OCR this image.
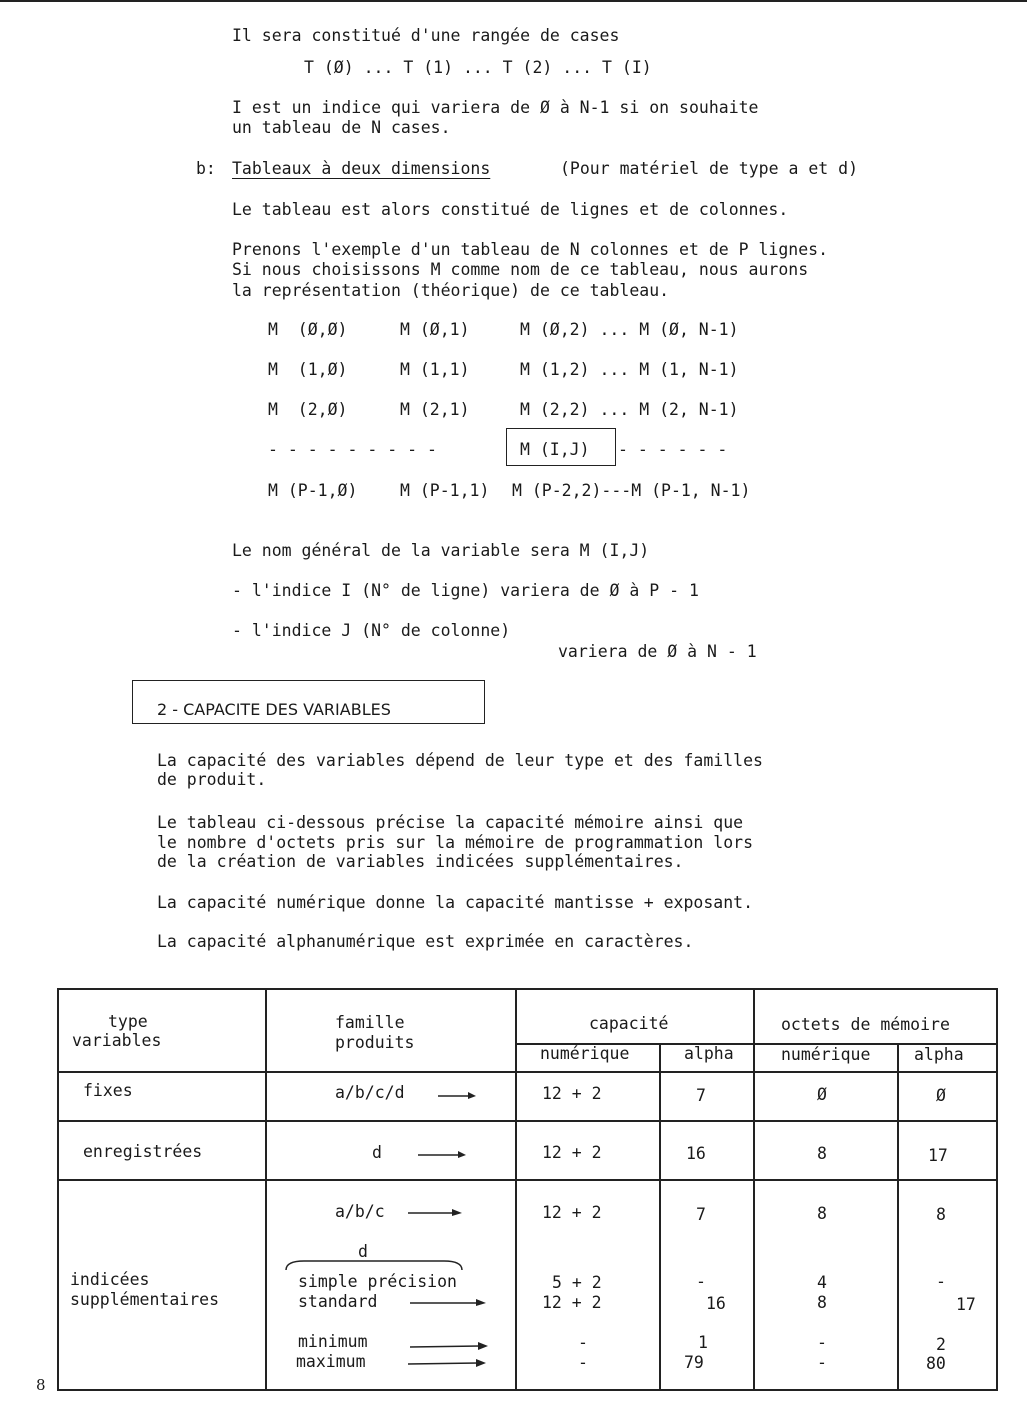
Il sera constitué d'une rangée de cases
T (Ø) ... T (1) ... T (2) ... T (I)
I est un indice qui variera de Ø à N-1 si on souhaite
un tableau de N cases.
b: Tableaux à deux dimensions	(Pour matériel de type a et d)
Le tableau est alors constitué de lignes et de colonnes.
Prenons l'exemple d'un tableau de N colonnes et de P lignes.
Si nous choisissons M comme nom de ce tableau, nous aurons
la représentation (théorique) de ce tableau.
M  (Ø,Ø)	M (Ø,1)	M (Ø,2) ... M (Ø, N-1)
M  (1,Ø)	M (1,1)	M (1,2) ... M (1, N-1)
M  (2,Ø)	M (2,1)	M (2,2) ... M (2, N-1)
- - - - - - - - -	M (I,J) - - - - - -
M (P-1,Ø)	M (P-1,1) M (P-2,2)---M (P-1, N-1)
Le nom général de la variable sera M (I,J)
- l'indice I (N° de ligne) variera de Ø à P - 1
- l'indice J (N° de colonne)
variera de Ø à N - 1
2 - CAPACITE DES VARIABLES
La capacité des variables dépend de leur type et des familles
de produit.
Le tableau ci-dessous précise la capacité mémoire ainsi que
le nombre d'octets pris sur la mémoire de programmation lors
de la création de variables indicées supplémentaires.
La capacité numérique donne la capacité mantisse + exposant.
La capacité alphanumérique est exprimée en caractères.
type
variables
famille
produits
capacité	octets de mémoire
numérique	alpha	numérique	alpha
fixes	a/b/c/d	12 + 2	7	Ø	Ø
enregistrées	d	12 + 2	16	8	17
indicées
supplémentaires
a/b/c	12 + 2	7	8	8
d
simple précision	5 + 2	-	4	-
standard	12 + 2	16	8	17
minimum	-	1	-	2
maximum	-	79	-	80
8
